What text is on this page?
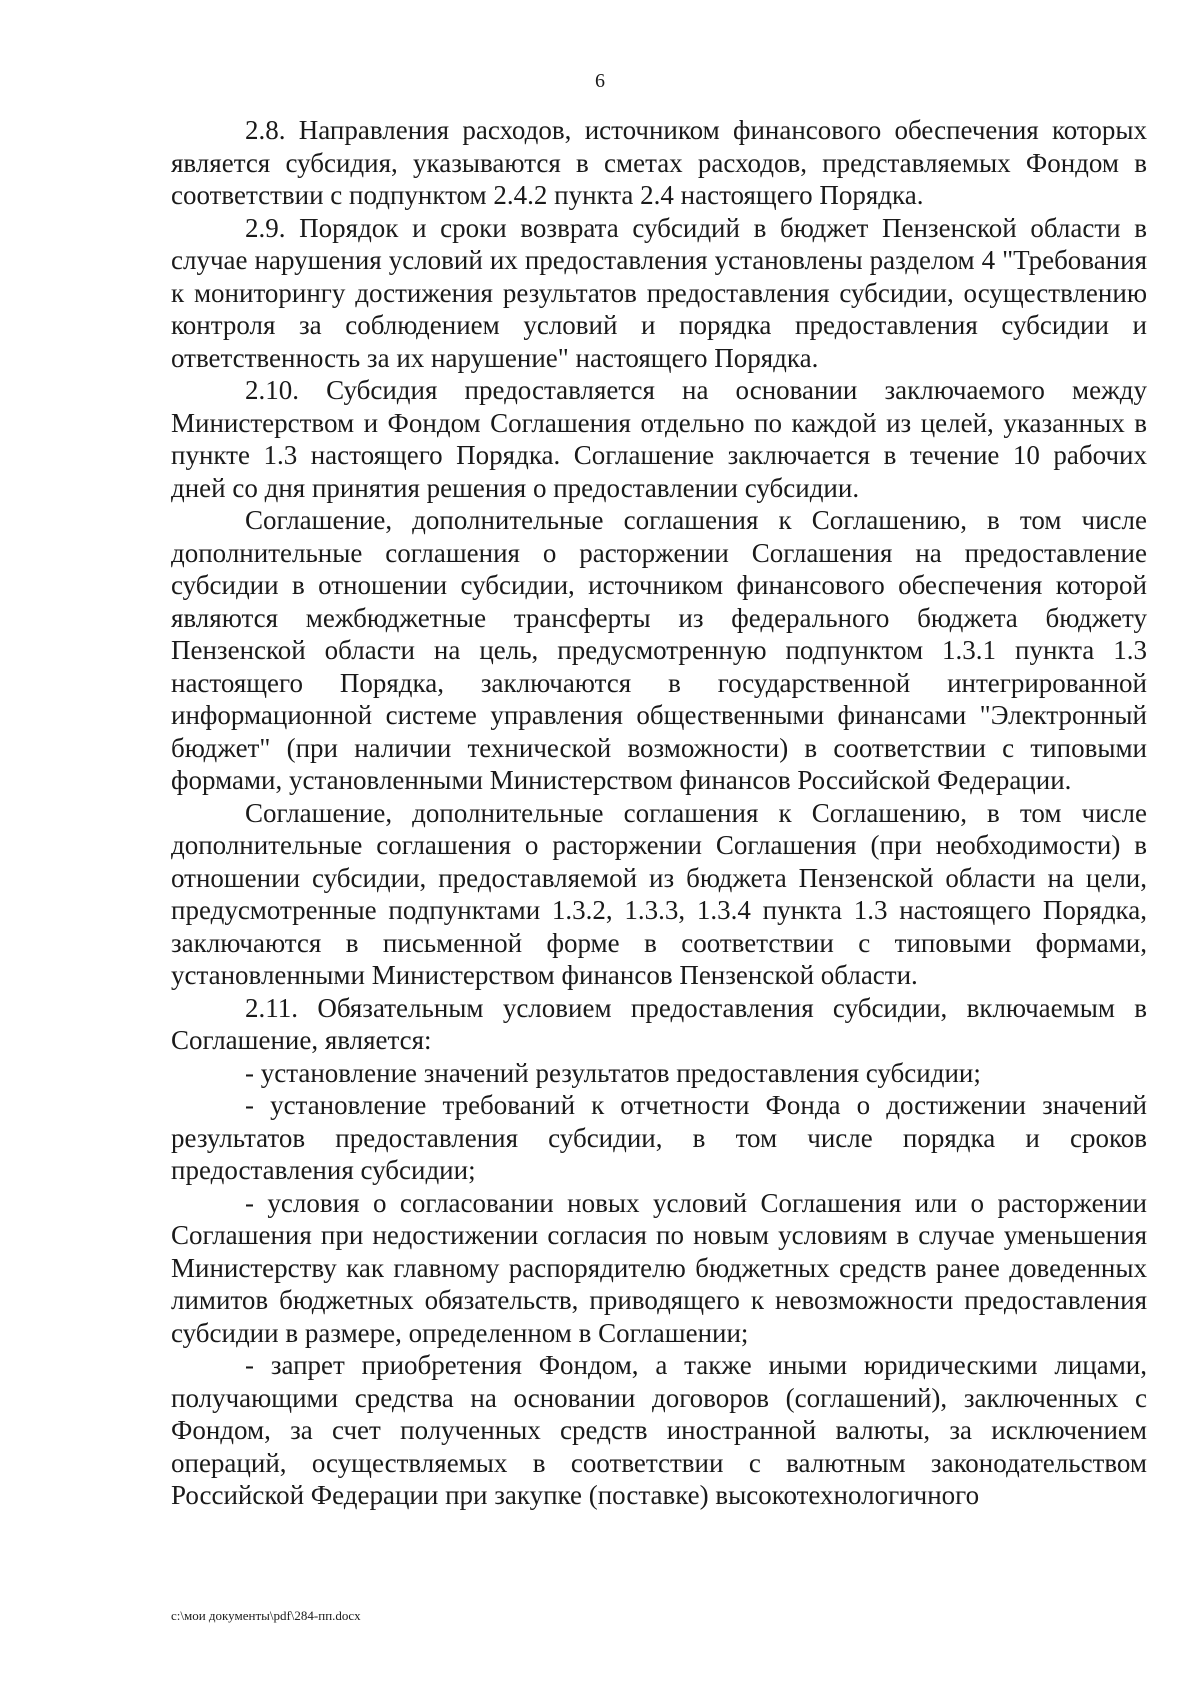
6

2.8. Направления расходов, источником финансового обеспечения которых является субсидия, указываются в сметах расходов, представляемых Фондом в соответствии с подпунктом 2.4.2 пункта 2.4 настоящего Порядка.

2.9. Порядок и сроки возврата субсидий в бюджет Пензенской области в случае нарушения условий их предоставления установлены разделом 4 "Требования к мониторингу достижения результатов предоставления субсидии, осуществлению контроля за соблюдением условий и порядка предоставления субсидии и ответственность за их нарушение" настоящего Порядка.

2.10. Субсидия предоставляется на основании заключаемого между Министерством и Фондом Соглашения отдельно по каждой из целей, указанных в пункте 1.3 настоящего Порядка. Соглашение заключается в течение 10 рабочих дней со дня принятия решения о предоставлении субсидии.

Соглашение, дополнительные соглашения к Соглашению, в том числе дополнительные соглашения о расторжении Соглашения на предоставление субсидии в отношении субсидии, источником финансового обеспечения которой являются межбюджетные трансферты из федерального бюджета бюджету Пензенской области на цель, предусмотренную подпунктом 1.3.1 пункта 1.3 настоящего Порядка, заключаются в государственной интегрированной информационной системе управления общественными финансами "Электронный бюджет" (при наличии технической возможности) в соответствии с типовыми формами, установленными Министерством финансов Российской Федерации.

Соглашение, дополнительные соглашения к Соглашению, в том числе дополнительные соглашения о расторжении Соглашения (при необходимости) в отношении субсидии, предоставляемой из бюджета Пензенской области на цели, предусмотренные подпунктами 1.3.2, 1.3.3, 1.3.4 пункта 1.3 настоящего Порядка, заключаются в письменной форме в соответствии с типовыми формами, установленными Министерством финансов Пензенской области.

2.11. Обязательным условием предоставления субсидии, включаемым в Соглашение, является:

- установление значений результатов предоставления субсидии;

- установление требований к отчетности Фонда о достижении значений результатов предоставления субсидии, в том числе порядка и сроков предоставления субсидии;

- условия о согласовании новых условий Соглашения или о расторжении Соглашения при недостижении согласия по новым условиям в случае уменьшения Министерству как главному распорядителю бюджетных средств ранее доведенных лимитов бюджетных обязательств, приводящего к невозможности предоставления субсидии в размере, определенном в Соглашении;

- запрет приобретения Фондом, а также иными юридическими лицами, получающими средства на основании договоров (соглашений), заключенных с Фондом, за счет полученных средств иностранной валюты, за исключением операций, осуществляемых в соответствии с валютным законодательством Российской Федерации при закупке (поставке) высокотехнологичного

c:\мои документы\pdf\284-пп.docx
